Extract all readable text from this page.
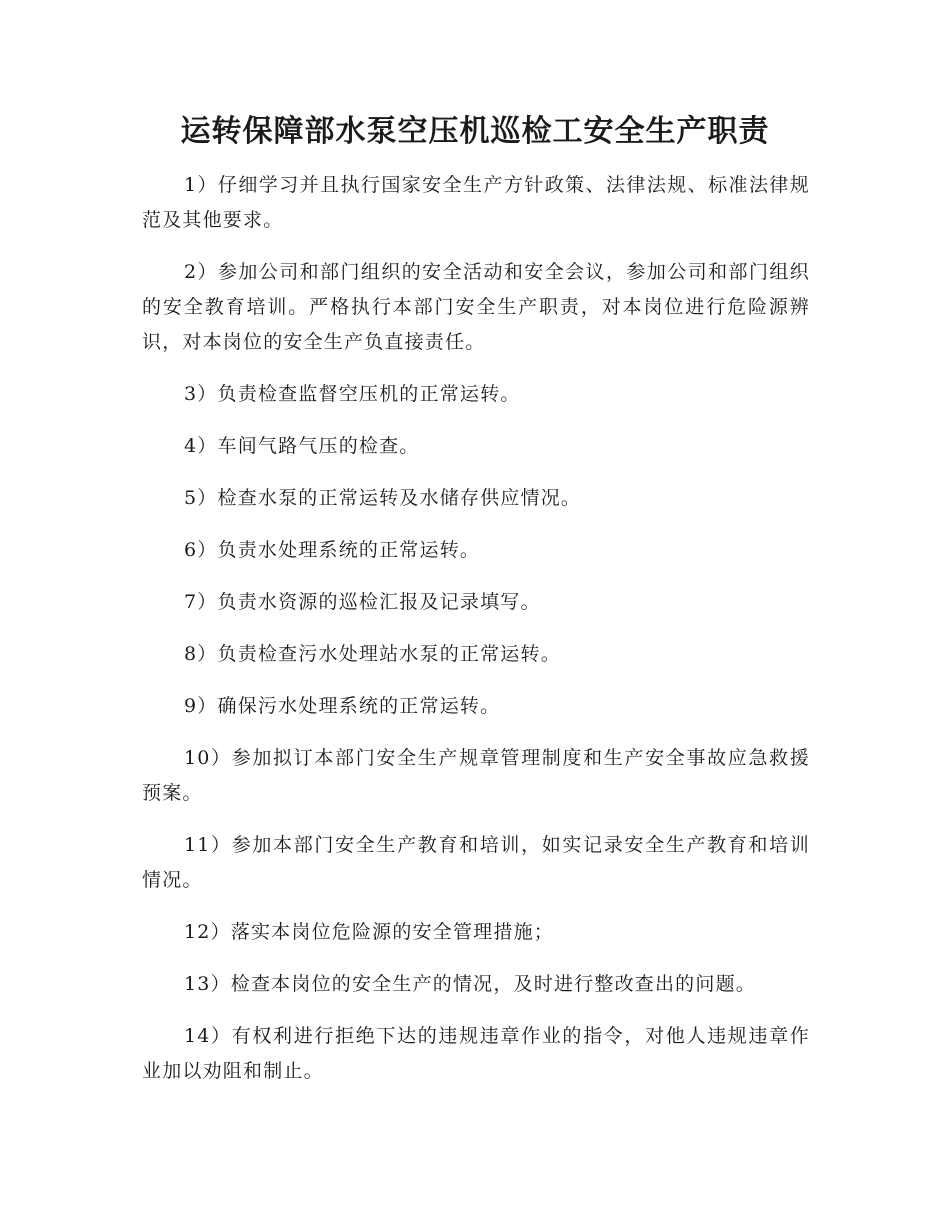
运转保障部水泵空压机巡检工安全生产职责

1）仔细学习并且执行国家安全生产方针政策、法律法规、标准法律规范及其他要求。

2）参加公司和部门组织的安全活动和安全会议，参加公司和部门组织的安全教育培训。严格执行本部门安全生产职责，对本岗位进行危险源辨识，对本岗位的安全生产负直接责任。

3）负责检查监督空压机的正常运转。

4）车间气路气压的检查。

5）检查水泵的正常运转及水储存供应情况。

6）负责水处理系统的正常运转。

7）负责水资源的巡检汇报及记录填写。

8）负责检查污水处理站水泵的正常运转。

9）确保污水处理系统的正常运转。

10）参加拟订本部门安全生产规章管理制度和生产安全事故应急救援预案。

11）参加本部门安全生产教育和培训，如实记录安全生产教育和培训情况。

12）落实本岗位危险源的安全管理措施；

13）检查本岗位的安全生产的情况，及时进行整改查出的问题。

14）有权利进行拒绝下达的违规违章作业的指令，对他人违规违章作业加以劝阻和制止。
